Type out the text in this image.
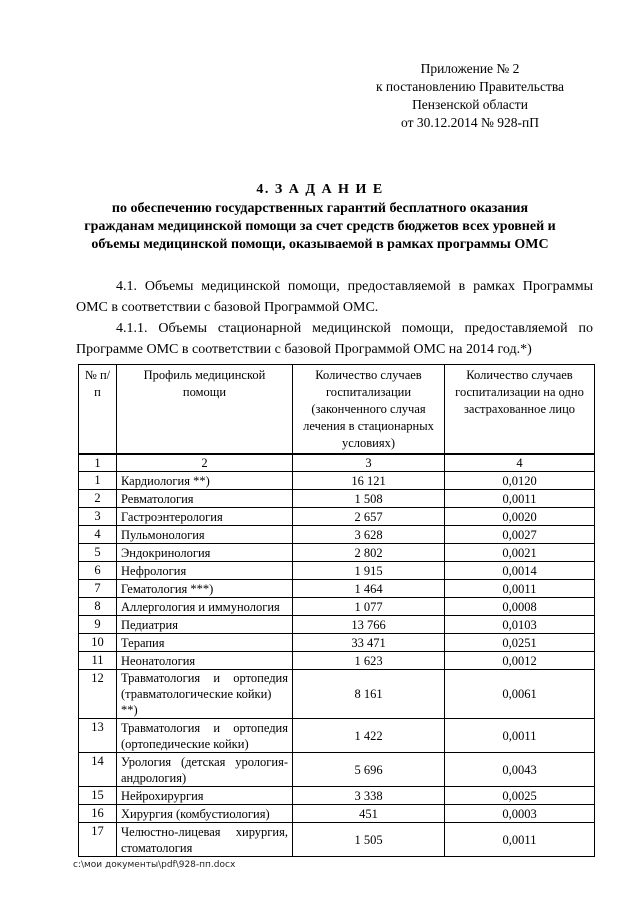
Приложение № 2
к постановлению Правительства
Пензенской области
от 30.12.2014 № 928-пП
4. З А Д А Н И Е
по обеспечению государственных гарантий бесплатного оказания
гражданам медицинской помощи за счет средств бюджетов всех уровней и
объемы медицинской помощи, оказываемой в рамках программы ОМС
4.1. Объемы медицинской помощи, предоставляемой в рамках Программы ОМС в соответствии с базовой Программой ОМС.
4.1.1. Объемы стационарной медицинской помощи, предоставляемой по Программе ОМС в соответствии с базовой Программой ОМС на 2014 год.*)
№ п/п	Профиль медицинской помощи	Количество случаев госпитализации (законченного случая лечения в стационарных условиях)	Количество случаев госпитализации на одно застрахованное лицо
1	2	3	4
1	Кардиология **)	16 121	0,0120
2	Ревматология	1 508	0,0011
3	Гастроэнтерология	2 657	0,0020
4	Пульмонология	3 628	0,0027
5	Эндокринология	2 802	0,0021
6	Нефрология	1 915	0,0014
7	Гематология ***)	1 464	0,0011
8	Аллергология и иммунология	1 077	0,0008
9	Педиатрия	13 766	0,0103
10	Терапия	33 471	0,0251
11	Неонатология	1 623	0,0012
12	Травматология и ортопедия
(травматологические койки) **)	8 161	0,0061
13	Травматология и ортопедия
(ортопедические койки)	1 422	0,0011
14	Урология (детская урология-
андрология)	5 696	0,0043
15	Нейрохирургия	3 338	0,0025
16	Хирургия (комбустиология)	451	0,0003
17	Челюстно-лицевая хирургия,
стоматология	1 505	0,0011
c:\мои документы\pdf\928-пп.docx
